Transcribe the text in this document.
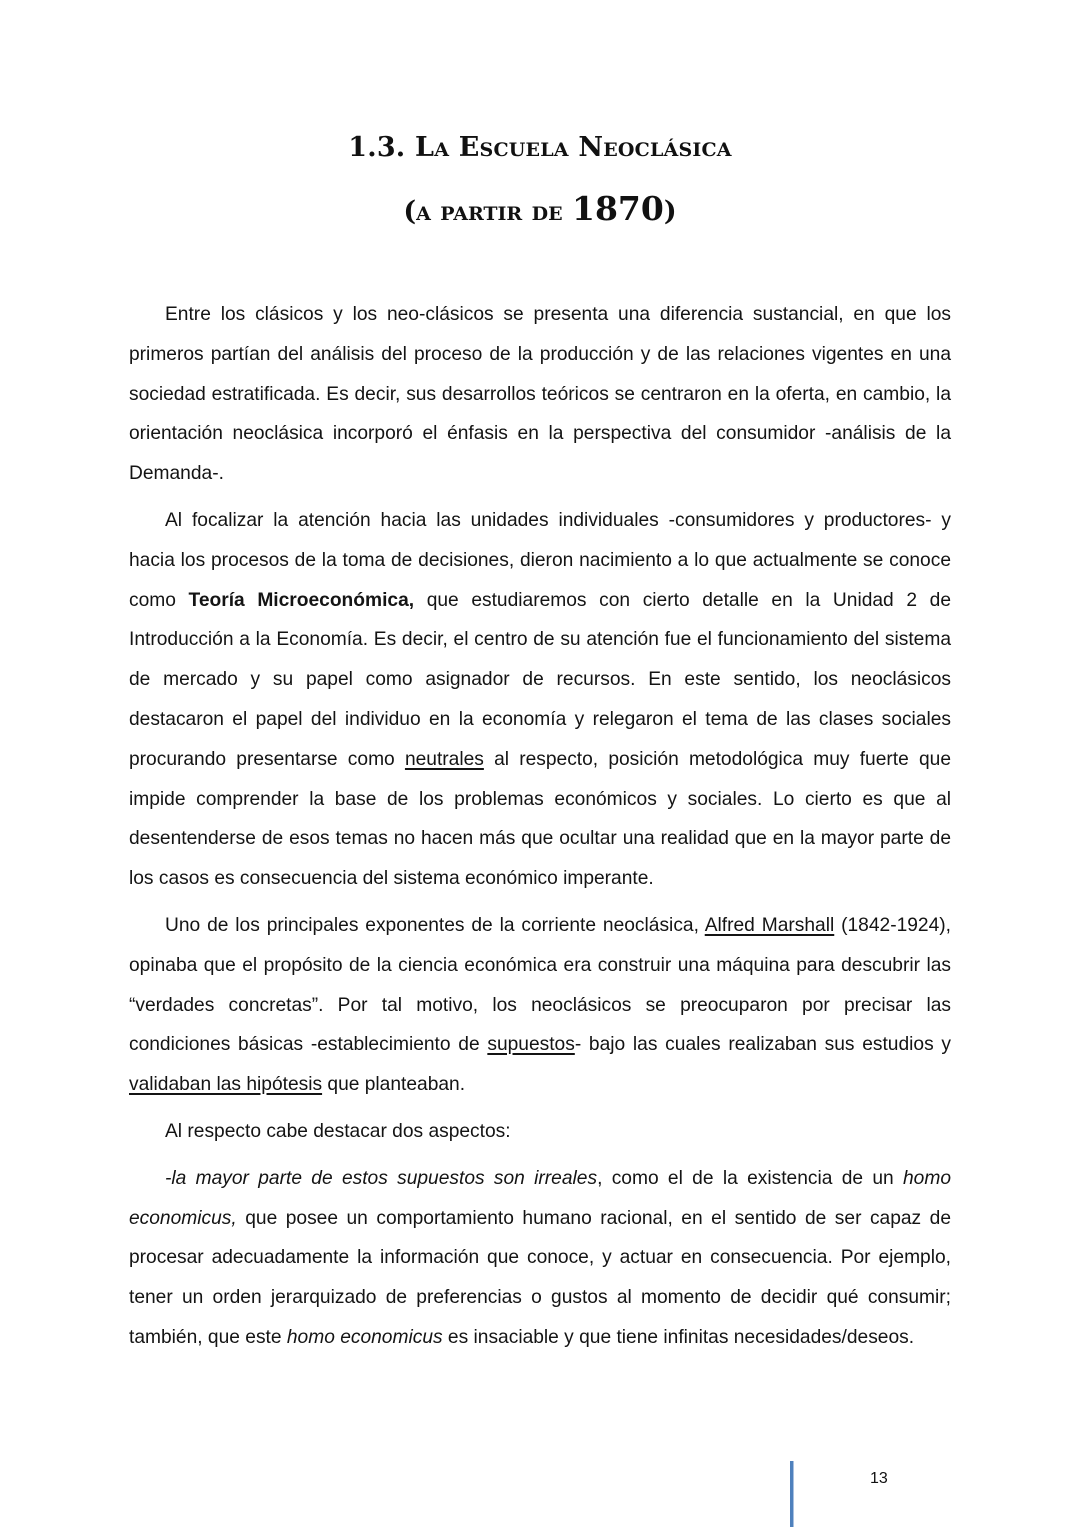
1.3. La Escuela Neoclásica
(a partir de 1870)

Entre los clásicos y los neo-clásicos se presenta una diferencia sustancial, en que los primeros partían del análisis del proceso de la producción y de las relaciones vigentes en una sociedad estratificada. Es decir, sus desarrollos teóricos se centraron en la oferta, en cambio, la orientación neoclásica incorporó el énfasis en la perspectiva del consumidor -análisis de la Demanda-.

Al focalizar la atención hacia las unidades individuales -consumidores y productores- y hacia los procesos de la toma de decisiones, dieron nacimiento a lo que actualmente se conoce como Teoría Microeconómica, que estudiaremos con cierto detalle en la Unidad 2 de Introducción a la Economía. Es decir, el centro de su atención fue el funcionamiento del sistema de mercado y su papel como asignador de recursos. En este sentido, los neoclásicos destacaron el papel del individuo en la economía y relegaron el tema de las clases sociales procurando presentarse como neutrales al respecto, posición metodológica muy fuerte que impide comprender la base de los problemas económicos y sociales. Lo cierto es que al desentenderse de esos temas no hacen más que ocultar una realidad que en la mayor parte de los casos es consecuencia del sistema económico imperante.

Uno de los principales exponentes de la corriente neoclásica, Alfred Marshall (1842-1924), opinaba que el propósito de la ciencia económica era construir una máquina para descubrir las “verdades concretas”. Por tal motivo, los neoclásicos se preocuparon por precisar las condiciones básicas -establecimiento de supuestos- bajo las cuales realizaban sus estudios y validaban las hipótesis que planteaban.

Al respecto cabe destacar dos aspectos:

-la mayor parte de estos supuestos son irreales, como el de la existencia de un homo economicus, que posee un comportamiento humano racional, en el sentido de ser capaz de procesar adecuadamente la información que conoce, y actuar en consecuencia. Por ejemplo, tener un orden jerarquizado de preferencias o gustos al momento de decidir qué consumir; también, que este homo economicus es insaciable y que tiene infinitas necesidades/deseos.

13
